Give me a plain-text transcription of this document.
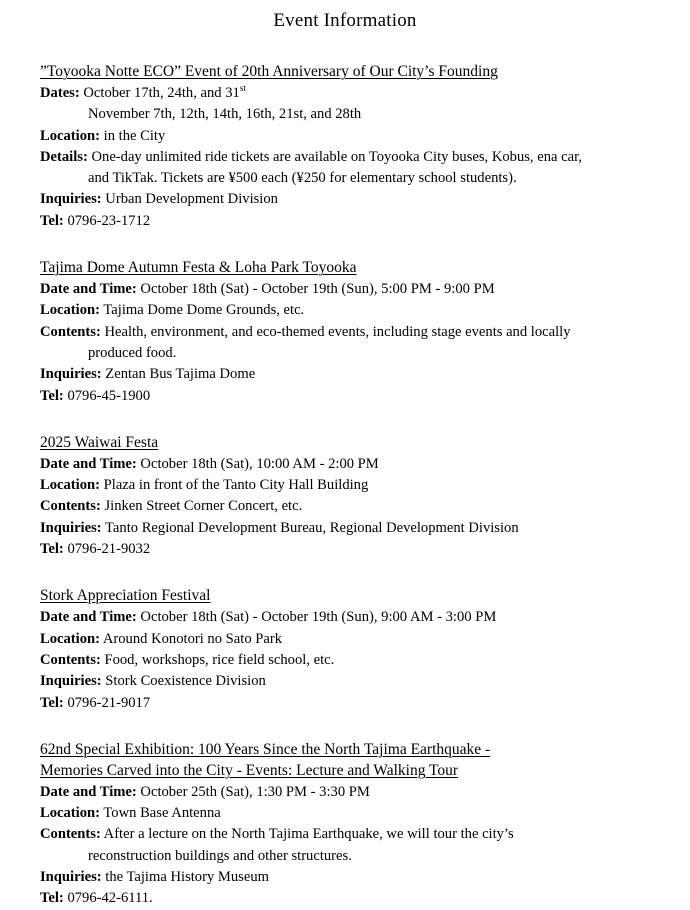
Event Information
”Toyooka Notte ECO” Event of 20th Anniversary of Our City’s Founding
Dates: October 17th, 24th, and 31st
November 7th, 12th, 14th, 16th, 21st, and 28th
Location: in the City
Details: One-day unlimited ride tickets are available on Toyooka City buses, Kobus, ena car,
and TikTak. Tickets are ¥500 each (¥250 for elementary school students).
Inquiries: Urban Development Division
Tel: 0796-23-1712
Tajima Dome Autumn Festa & Loha Park Toyooka
Date and Time: October 18th (Sat) - October 19th (Sun), 5:00 PM - 9:00 PM
Location: Tajima Dome Dome Grounds, etc.
Contents: Health, environment, and eco-themed events, including stage events and locally
produced food.
Inquiries: Zentan Bus Tajima Dome
Tel: 0796-45-1900
2025 Waiwai Festa
Date and Time: October 18th (Sat), 10:00 AM - 2:00 PM
Location: Plaza in front of the Tanto City Hall Building
Contents: Jinken Street Corner Concert, etc.
Inquiries: Tanto Regional Development Bureau, Regional Development Division
Tel: 0796-21-9032
Stork Appreciation Festival
Date and Time: October 18th (Sat) - October 19th (Sun), 9:00 AM - 3:00 PM
Location: Around Konotori no Sato Park
Contents: Food, workshops, rice field school, etc.
Inquiries: Stork Coexistence Division
Tel: 0796-21-9017
62nd Special Exhibition: 100 Years Since the North Tajima Earthquake -
Memories Carved into the City - Events: Lecture and Walking Tour
Date and Time: October 25th (Sat), 1:30 PM - 3:30 PM
Location: Town Base Antenna
Contents: After a lecture on the North Tajima Earthquake, we will tour the city’s
reconstruction buildings and other structures.
Inquiries: the Tajima History Museum
Tel: 0796-42-6111.
